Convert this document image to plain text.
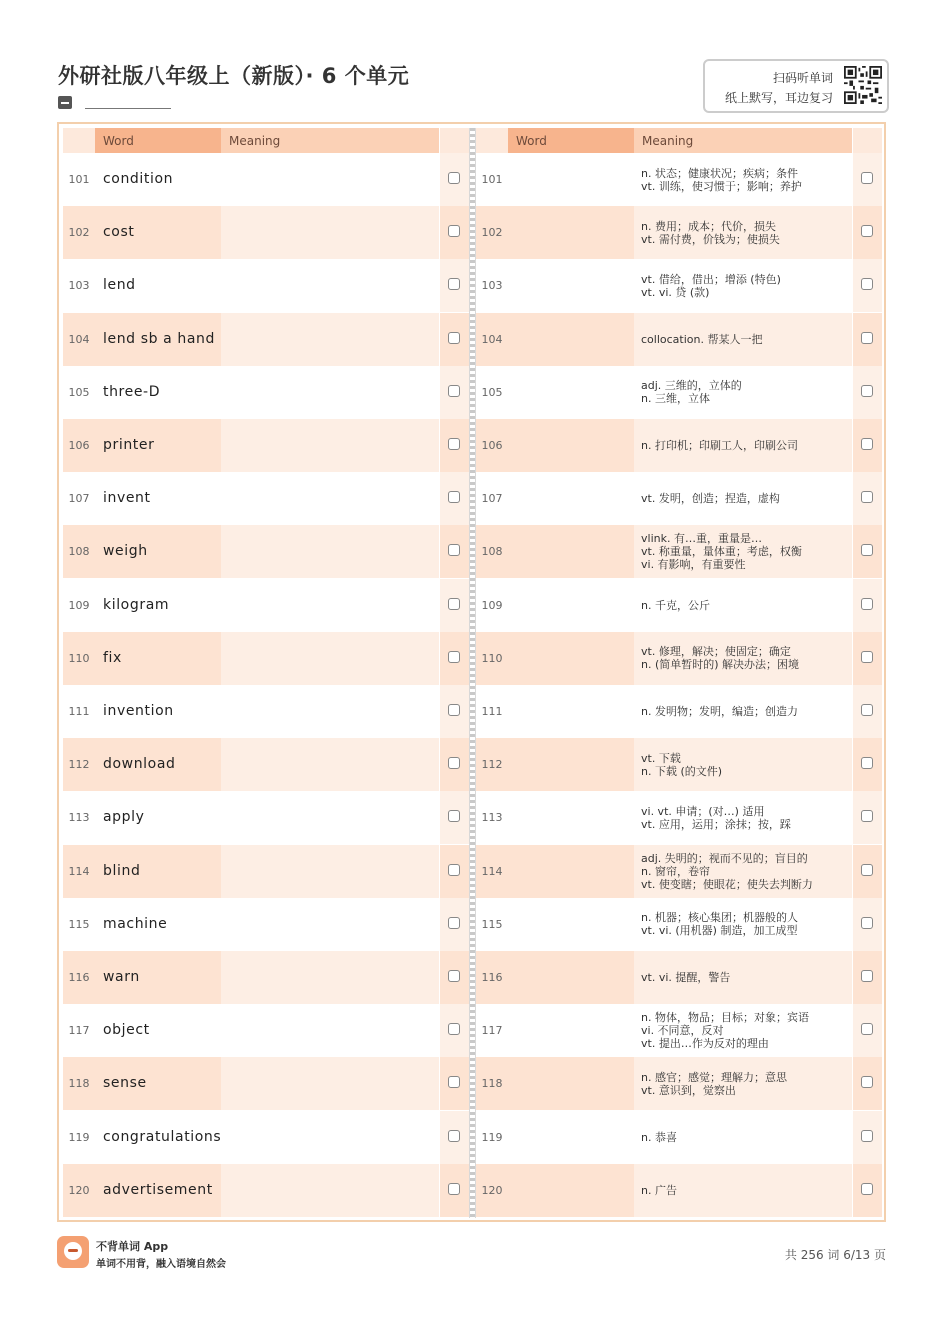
外研社版八年级上（新版）· 6 个单元	扫码听单词
纸上默写，耳边复习
Word	Meaning
101 condition
102 cost
103 lend
104 lend sb a hand
105 three-D
106 printer
107 invent
108 weigh
109 kilogram
110 fix
111 invention
112 download
113 apply
114 blind
115 machine
116 warn
117 object
118 sense
119 congratulations
120 advertisement
Word	Meaning
101	n. 状态；健康状况；疾病；条件
vt. 训练，使习惯于；影响；养护
102	n. 费用；成本；代价，损失
vt. 需付费，价钱为；使损失
103	vt. 借给，借出；增添 (特色)
vt. vi. 贷 (款)
104	collocation. 帮某人一把
105	adj. 三维的，立体的
n. 三维，立体
106	n. 打印机；印刷工人，印刷公司
107	vt. 发明，创造；捏造，虚构
108
vlink. 有…重，重量是…
vt. 称重量，量体重；考虑，权衡
vi. 有影响，有重要性
109	n. 千克，公斤
110	vt. 修理，解决；使固定；确定
n. (简单暂时的) 解决办法；困境
111	n. 发明物；发明，编造；创造力
112	vt. 下载
n. 下载 (的文件)
113	vi. vt. 申请；(对…) 适用
vt. 应用，运用；涂抹；按，踩
114
adj. 失明的；视而不见的；盲目的
n. 窗帘，卷帘
vt. 使变瞎；使眼花；使失去判断力
115	n. 机器；核心集团；机器般的人
vt. vi. (用机器) 制造，加工成型
116	vt. vi. 提醒，警告
117
n. 物体，物品；目标；对象；宾语
vi. 不同意，反对
vt. 提出…作为反对的理由
118	n. 感官；感觉；理解力；意思
vt. 意识到，觉察出
119	n. 恭喜
120	n. 广告
不背单词 App
单词不用背，融入语境自然会
共 256 词 6/13 页
